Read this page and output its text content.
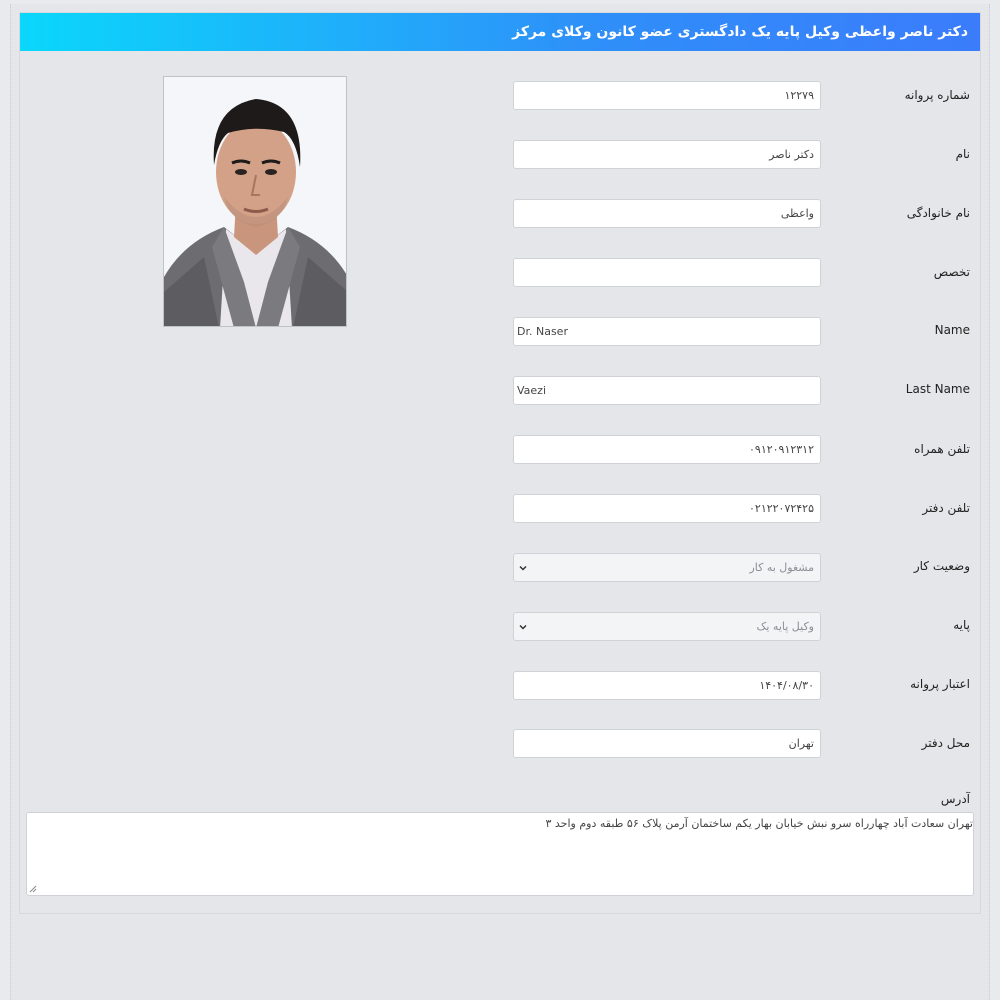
دکتر ناصر واعظی وکیل پایه یک دادگستری عضو کانون وکلای مرکز
شماره پروانه
۱۲۲۷۹
نام
دکتر ناصر
نام خانوادگی
واعظی
تخصص
Name
Dr. Naser
Last Name
Vaezi
تلفن همراه
۰۹۱۲۰۹۱۲۳۱۲
تلفن دفتر
۰۲۱۲۲۰۷۲۴۲۵
وضعیت کار
مشغول به کار
پایه
وکیل پایه یک
اعتبار پروانه
۱۴۰۴/۰۸/۳۰
محل دفتر
تهران
آدرس
تهران سعادت آباد چهارراه سرو نبش خیابان بهار یکم ساختمان آرمن پلاک ۵۶ طبقه دوم واحد ۳
